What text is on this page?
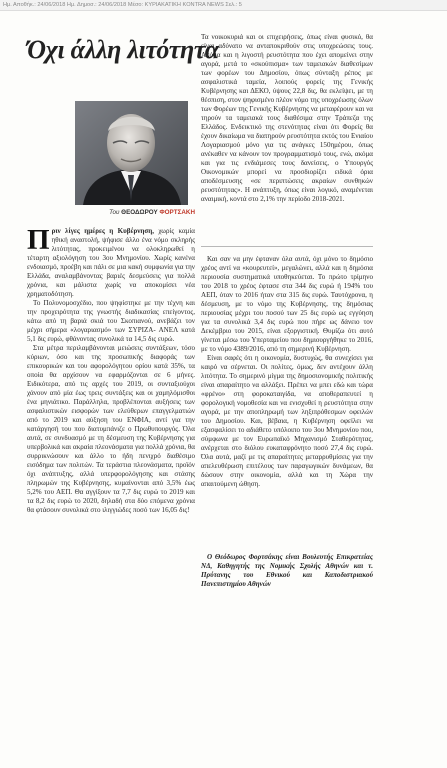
Ημ. Αποθήκ.: 24/06/2018 Ημ. Δημοσ.: 24/06/2018 Μέσο: ΚΥΡΙΑΚΑΤΙΚΗ KONTRA NEWS Σελ.: 5
Όχι άλλη λιτότητα
Του ΘΕΟΔΩΡΟΥ ΦΟΡΤΣΑΚΗ

Πριν λίγες ημέρες η Κυβέρνηση, χωρίς καμία ηθική αναστολή, ψήφισε άλλο ένα νόμο σκληρής λιτότητας, προκειμένου να ολοκληρωθεί η τέταρτη αξιολόγηση του 3ου Μνημονίου. Χωρίς κανένα ενδοιασμό, προέβη και πάλι σε μια κακή συμφωνία για την Ελλάδα, αναλαμβάνοντας βαριές δεσμεύσεις για πολλά χρόνια, και μάλιστα χωρίς να αποκομίσει νέα χρηματοδότηση.

Το Πολυνομοσχέδιο, που ψηφίστηκε με την τέχνη και την προχειρότητα της γνωστής διαδικασίας επείγοντος, κάτω από τη βαριά σκιά του Σκοπιανού, ανεβάζει τον μέχρι σήμερα «λογαριασμό» των ΣΥΡΙΖΑ- ΑΝΕΛ κατά 5,1 δις ευρώ, φθάνοντας συνολικά τα 14,5 δις ευρώ.

Στα μέτρα περιλαμβάνονται μειώσεις συντάξεων, τόσο κύριων, όσο και της προσωπικής διαφοράς των επικουρικών και του αφορολόγητου ορίου κατά 35%, τα οποία θα αρχίσουν να εφαρμόζονται σε 6 μήνες. Ειδικότερα, από τις αρχές του 2019, οι συνταξιούχοι χάνουν από μία έως τρεις συντάξεις και οι χαμηλόμισθοι ένα μηνιάτικο. Παράλληλα, προβλέπονται αυξήσεις των ασφαλιστικών εισφορών των ελεύθερων επαγγελματιών από το 2019 και αύξηση του ΕΝΦΙΑ, αντί για την κατάργησή του που διατυμπάνιζε ο Πρωθυπουργός. Όλα αυτά, σε συνδυασμό με τη δέσμευση της Κυβέρνησης για υπερβολικά και ακραία πλεονάσματα για πολλά χρόνια, θα συρρικνώσουν και άλλο το ήδη πενιχρό διαθέσιμο εισόδημα των πολιτών. Τα τεράστια πλεονάσματα, προϊόν όχι ανάπτυξης, αλλά υπερφορολόγησης και στάσης πληρωμών της Κυβέρνησης, κυμαίνονται από 3,5% έως 5,2% του ΑΕΠ. Θα αγγίξουν τα 7,7 δις ευρώ το 2019 και τα 8,2 δις ευρώ το 2020, δηλαδή στα δύο επόμενα χρόνια θα φτάσουν συνολικά στο ιλιγγιώδες ποσό των 16,05 δις!

Τα νοικοκυριά και οι επιχειρήσεις, όπως είναι φυσικό, θα είναι αδύνατο να ανταποκριθούν στις υποχρεώσεις τους. Ακόμα και η λιγοστή ρευστότητα που έχει απομείνει στην αγορά, μετά το «σκούπισμα» των ταμειακών διαθεσίμων των φορέων του Δημοσίου, όπως σύνταξη ρέπος με ασφαλιστικά ταμεία, λοιπούς φορείς της Γενικής Κυβέρνησης και ΔΕΚΟ, ύψους 22,8 δις, θα εκλείψει, με τη θέσπιση, στον ψηφισμένο πλέον νόμο της υποχρέωσης όλων των Φορέων της Γενικής Κυβέρνησης να μεταφέρουν και να τηρούν τα ταμειακά τους διαθέσιμα στην Τράπεζα της Ελλάδος. Ενδεικτικό της στενότητας είναι ότι Φορείς θα έχουν δικαίωμα να διατηρούν ρευστότητα εκτός του Ενιαίου Λογαριασμού μόνο για τις ανάγκες 150ημέρου, όπως ανέκαθεν να κάνουν τον προγραμματισμό τους, ενώ, ακόμα και για τις ενδιάμεσες τους δανείσεις, ο Υπουργός Οικονομικών μπορεί να προσδιορίζει ειδικά όρια αποδέσμευσης «σε περιπτώσεις ακραίων συνθηκών ρευστότητας». Η ανάπτυξη, όπως είναι λογικό, αναμένεται αναιμική, κοντά στο 2,1% την περίοδο 2018-2021.

Και σαν να μην έφταναν όλα αυτά, όχι μόνο το δημόσιο χρέος αντί να «κουρευτεί», μεγαλώνει, αλλά και η δημόσια περιουσία συστηματικά υποθηκεύεται. Το πρώτο τρίμηνο του 2018 το χρέος έφτασε στα 344 δις ευρώ ή 194% του ΑΕΠ, όταν το 2016 ήταν στα 315 δις ευρώ. Ταυτόχρονα, η δέσμευση, με το νόμο της Κυβέρνησης, της δημόσιας περιουσίας μέχρι του ποσού των 25 δις ευρώ ως εγγύηση για τα συνολικά 3,4 δις ευρώ που πήρε ως δάνειο τον Δεκέμβριο του 2015, είναι εξοργιστική. Θυμίζω ότι αυτό γίνεται μέσω του Υπερταμείου που δημιουργήθηκε το 2016, με το νόμο 4389/2016, από τη σημερινή Κυβέρνηση.

Είναι σαφές ότι η οικονομία, δυστυχώς, θα συνεχίσει για καιρό να σέρνεται. Οι πολίτες, όμως, δεν αντέχουν άλλη λιτότητα. Το σημερινό μίγμα της δημοσιονομικής πολιτικής είναι απαραίτητο να αλλάξει. Πρέπει να μπει εδώ και τώρα «φρένο» στη φοροκαταιγίδα, να αποθεραπευτεί η φορολογική νομοθεσία και να ενισχυθεί η ρευστότητα στην αγορά, με την αποπληρωμή των ληξιπρόθεσμων οφειλών του Δημοσίου. Και, βέβαια, η Κυβέρνηση οφείλει να εξασφαλίσει το αδιάθετο υπόλοιπο του 3ου Μνημονίου που, σύμφωνα με τον Ευρωπαϊκό Μηχανισμό Σταθερότητας, ανέρχεται στο διόλου ευκαταφρόνητο ποσό 27,4 δις ευρώ. Όλα αυτά, μαζί με τις απαραίτητες μεταρρυθμίσεις για την απελευθέρωση επιτέλους των παραγωγικών δυνάμεων, θα δώσουν στην οικονομία, αλλά και τη Χώρα την απαιτούμενη ώθηση.

Ο Θεόδωρος Φορτσάκης είναι Βουλευτής Επικρατείας ΝΔ, Καθηγητής της Νομικής Σχολής Αθηνών και τ. Πρύτανης του Εθνικού και Καποδιστριακού Πανεπιστημίου Αθηνών
